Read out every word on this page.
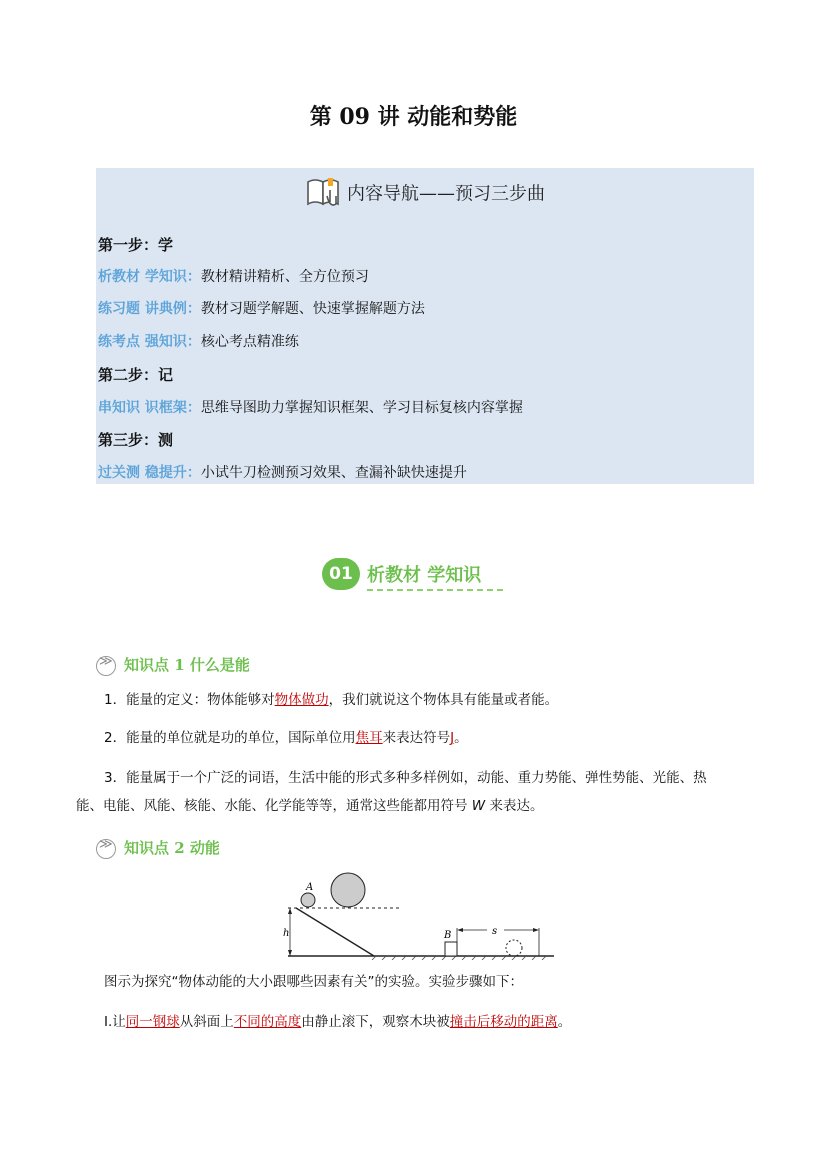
第 09 讲 动能和势能
内容导航——预习三步曲
第一步：学
析教材 学知识：教材精讲精析、全方位预习
练习题 讲典例：教材习题学解题、快速掌握解题方法
练考点 强知识：核心考点精准练
第二步：记
串知识 识框架：思维导图助力掌握知识框架、学习目标复核内容掌握
第三步：测
过关测 稳提升：小试牛刀检测预习效果、查漏补缺快速提升
01 析教材 学知识
≫知识点 1 什么是能
1．能量的定义：物体能够对物体做功，我们就说这个物体具有能量或者能。
2．能量的单位就是功的单位，国际单位用焦耳来表达符号J。
3．能量属于一个广泛的词语，生活中能的形式多种多样例如，动能、重力势能、弹性势能、光能、热
能、电能、风能、核能、水能、化学能等等，通常这些能都用符号 W 来表达。
≫知识点 2 动能
A
h	B	s
图示为探究“物体动能的大小跟哪些因素有关”的实验。实验步骤如下：
Ⅰ.让同一钢球从斜面上不同的高度由静止滚下，观察木块被撞击后移动的距离。
